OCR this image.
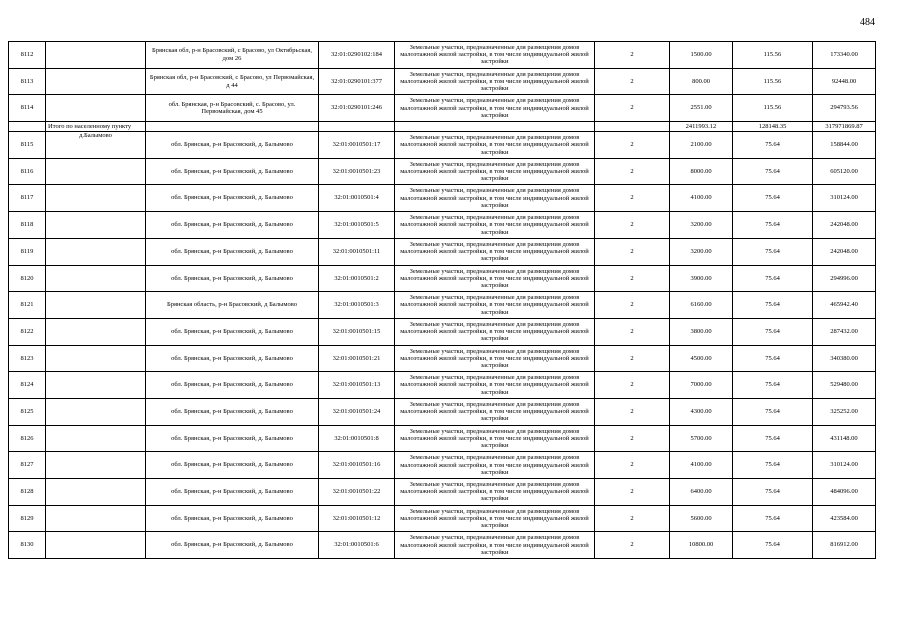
484
8112		Брянская обл, р-н Брасовский, с Брасово, ул Октябрьская, дом 26	32:01:0290102:184	Земельные участки, предназначенные для размещения домов малоэтажной жилой застройки, в том числе индивидуальной жилой застройки	2	1500.00	115.56	173340.00
8113		Брянская обл, р-н Брасовский, с Брасово, ул Первомайская, д 44	32:01:0290101:377	Земельные участки, предназначенные для размещения домов малоэтажной жилой застройки, в том числе индивидуальной жилой застройки	2	800.00	115.56	92448.00
8114		обл. Брянская, р-н Брасовский, с. Брасово, ул. Первомайская, дом 45	32:01:0290101:246	Земельные участки, предназначенные для размещения домов малоэтажной жилой застройки, в том числе индивидуальной жилой застройки	2	2551.00	115.56	294793.56
	Итого по населенному пункту					2411993.12	128148.35	317971869.87
8115	д.Балымово	обл. Брянская, р-н Брасовский, д. Балымово	32:01:0010501:17	Земельные участки, предназначенные для размещения домов малоэтажной жилой застройки, в том числе индивидуальной жилой застройки	2	2100.00	75.64	158844.00
8116		обл. Брянская, р-н Брасовский, д. Балымово	32:01:0010501:23	Земельные участки, предназначенные для размещения домов малоэтажной жилой застройки, в том числе индивидуальной жилой застройки	2	8000.00	75.64	605120.00
8117		обл. Брянская, р-н Брасовский, д. Балымово	32:01:0010501:4	Земельные участки, предназначенные для размещения домов малоэтажной жилой застройки, в том числе индивидуальной жилой застройки	2	4100.00	75.64	310124.00
8118		обл. Брянская, р-н Брасовский, д. Балымово	32:01:0010501:5	Земельные участки, предназначенные для размещения домов малоэтажной жилой застройки, в том числе индивидуальной жилой застройки	2	3200.00	75.64	242048.00
8119		обл. Брянская, р-н Брасовский, д. Балымово	32:01:0010501:11	Земельные участки, предназначенные для размещения домов малоэтажной жилой застройки, в том числе индивидуальной жилой застройки	2	3200.00	75.64	242048.00
8120		обл. Брянская, р-н Брасовский, д. Балымово	32:01:0010501:2	Земельные участки, предназначенные для размещения домов малоэтажной жилой застройки, в том числе индивидуальной жилой застройки	2	3900.00	75.64	294996.00
8121		Брянская область, р-н Брасовский, д Балымово	32:01:0010501:3	Земельные участки, предназначенные для размещения домов малоэтажной жилой застройки, в том числе индивидуальной жилой застройки	2	6160.00	75.64	465942.40
8122		обл. Брянская, р-н Брасовский, д. Балымово	32:01:0010501:15	Земельные участки, предназначенные для размещения домов малоэтажной жилой застройки, в том числе индивидуальной жилой застройки	2	3800.00	75.64	287432.00
8123		обл. Брянская, р-н Брасовский, д. Балымово	32:01:0010501:21	Земельные участки, предназначенные для размещения домов малоэтажной жилой застройки, в том числе индивидуальной жилой застройки	2	4500.00	75.64	340380.00
8124		обл. Брянская, р-н Брасовский, д. Балымово	32:01:0010501:13	Земельные участки, предназначенные для размещения домов малоэтажной жилой застройки, в том числе индивидуальной жилой застройки	2	7000.00	75.64	529480.00
8125		обл. Брянская, р-н Брасовский, д. Балымово	32:01:0010501:24	Земельные участки, предназначенные для размещения домов малоэтажной жилой застройки, в том числе индивидуальной жилой застройки	2	4300.00	75.64	325252.00
8126		обл. Брянская, р-н Брасовский, д. Балымово	32:01:0010501:8	Земельные участки, предназначенные для размещения домов малоэтажной жилой застройки, в том числе индивидуальной жилой застройки	2	5700.00	75.64	431148.00
8127		обл. Брянская, р-н Брасовский, д. Балымово	32:01:0010501:16	Земельные участки, предназначенные для размещения домов малоэтажной жилой застройки, в том числе индивидуальной жилой застройки	2	4100.00	75.64	310124.00
8128		обл. Брянская, р-н Брасовский, д. Балымово	32:01:0010501:22	Земельные участки, предназначенные для размещения домов малоэтажной жилой застройки, в том числе индивидуальной жилой застройки	2	6400.00	75.64	484096.00
8129		обл. Брянская, р-н Брасовский, д. Балымово	32:01:0010501:12	Земельные участки, предназначенные для размещения домов малоэтажной жилой застройки, в том числе индивидуальной жилой застройки	2	5600.00	75.64	423584.00
8130		обл. Брянская, р-н Брасовский, д. Балымово	32:01:0010501:6	Земельные участки, предназначенные для размещения домов малоэтажной жилой застройки, в том числе индивидуальной жилой застройки	2	10800.00	75.64	816912.00
